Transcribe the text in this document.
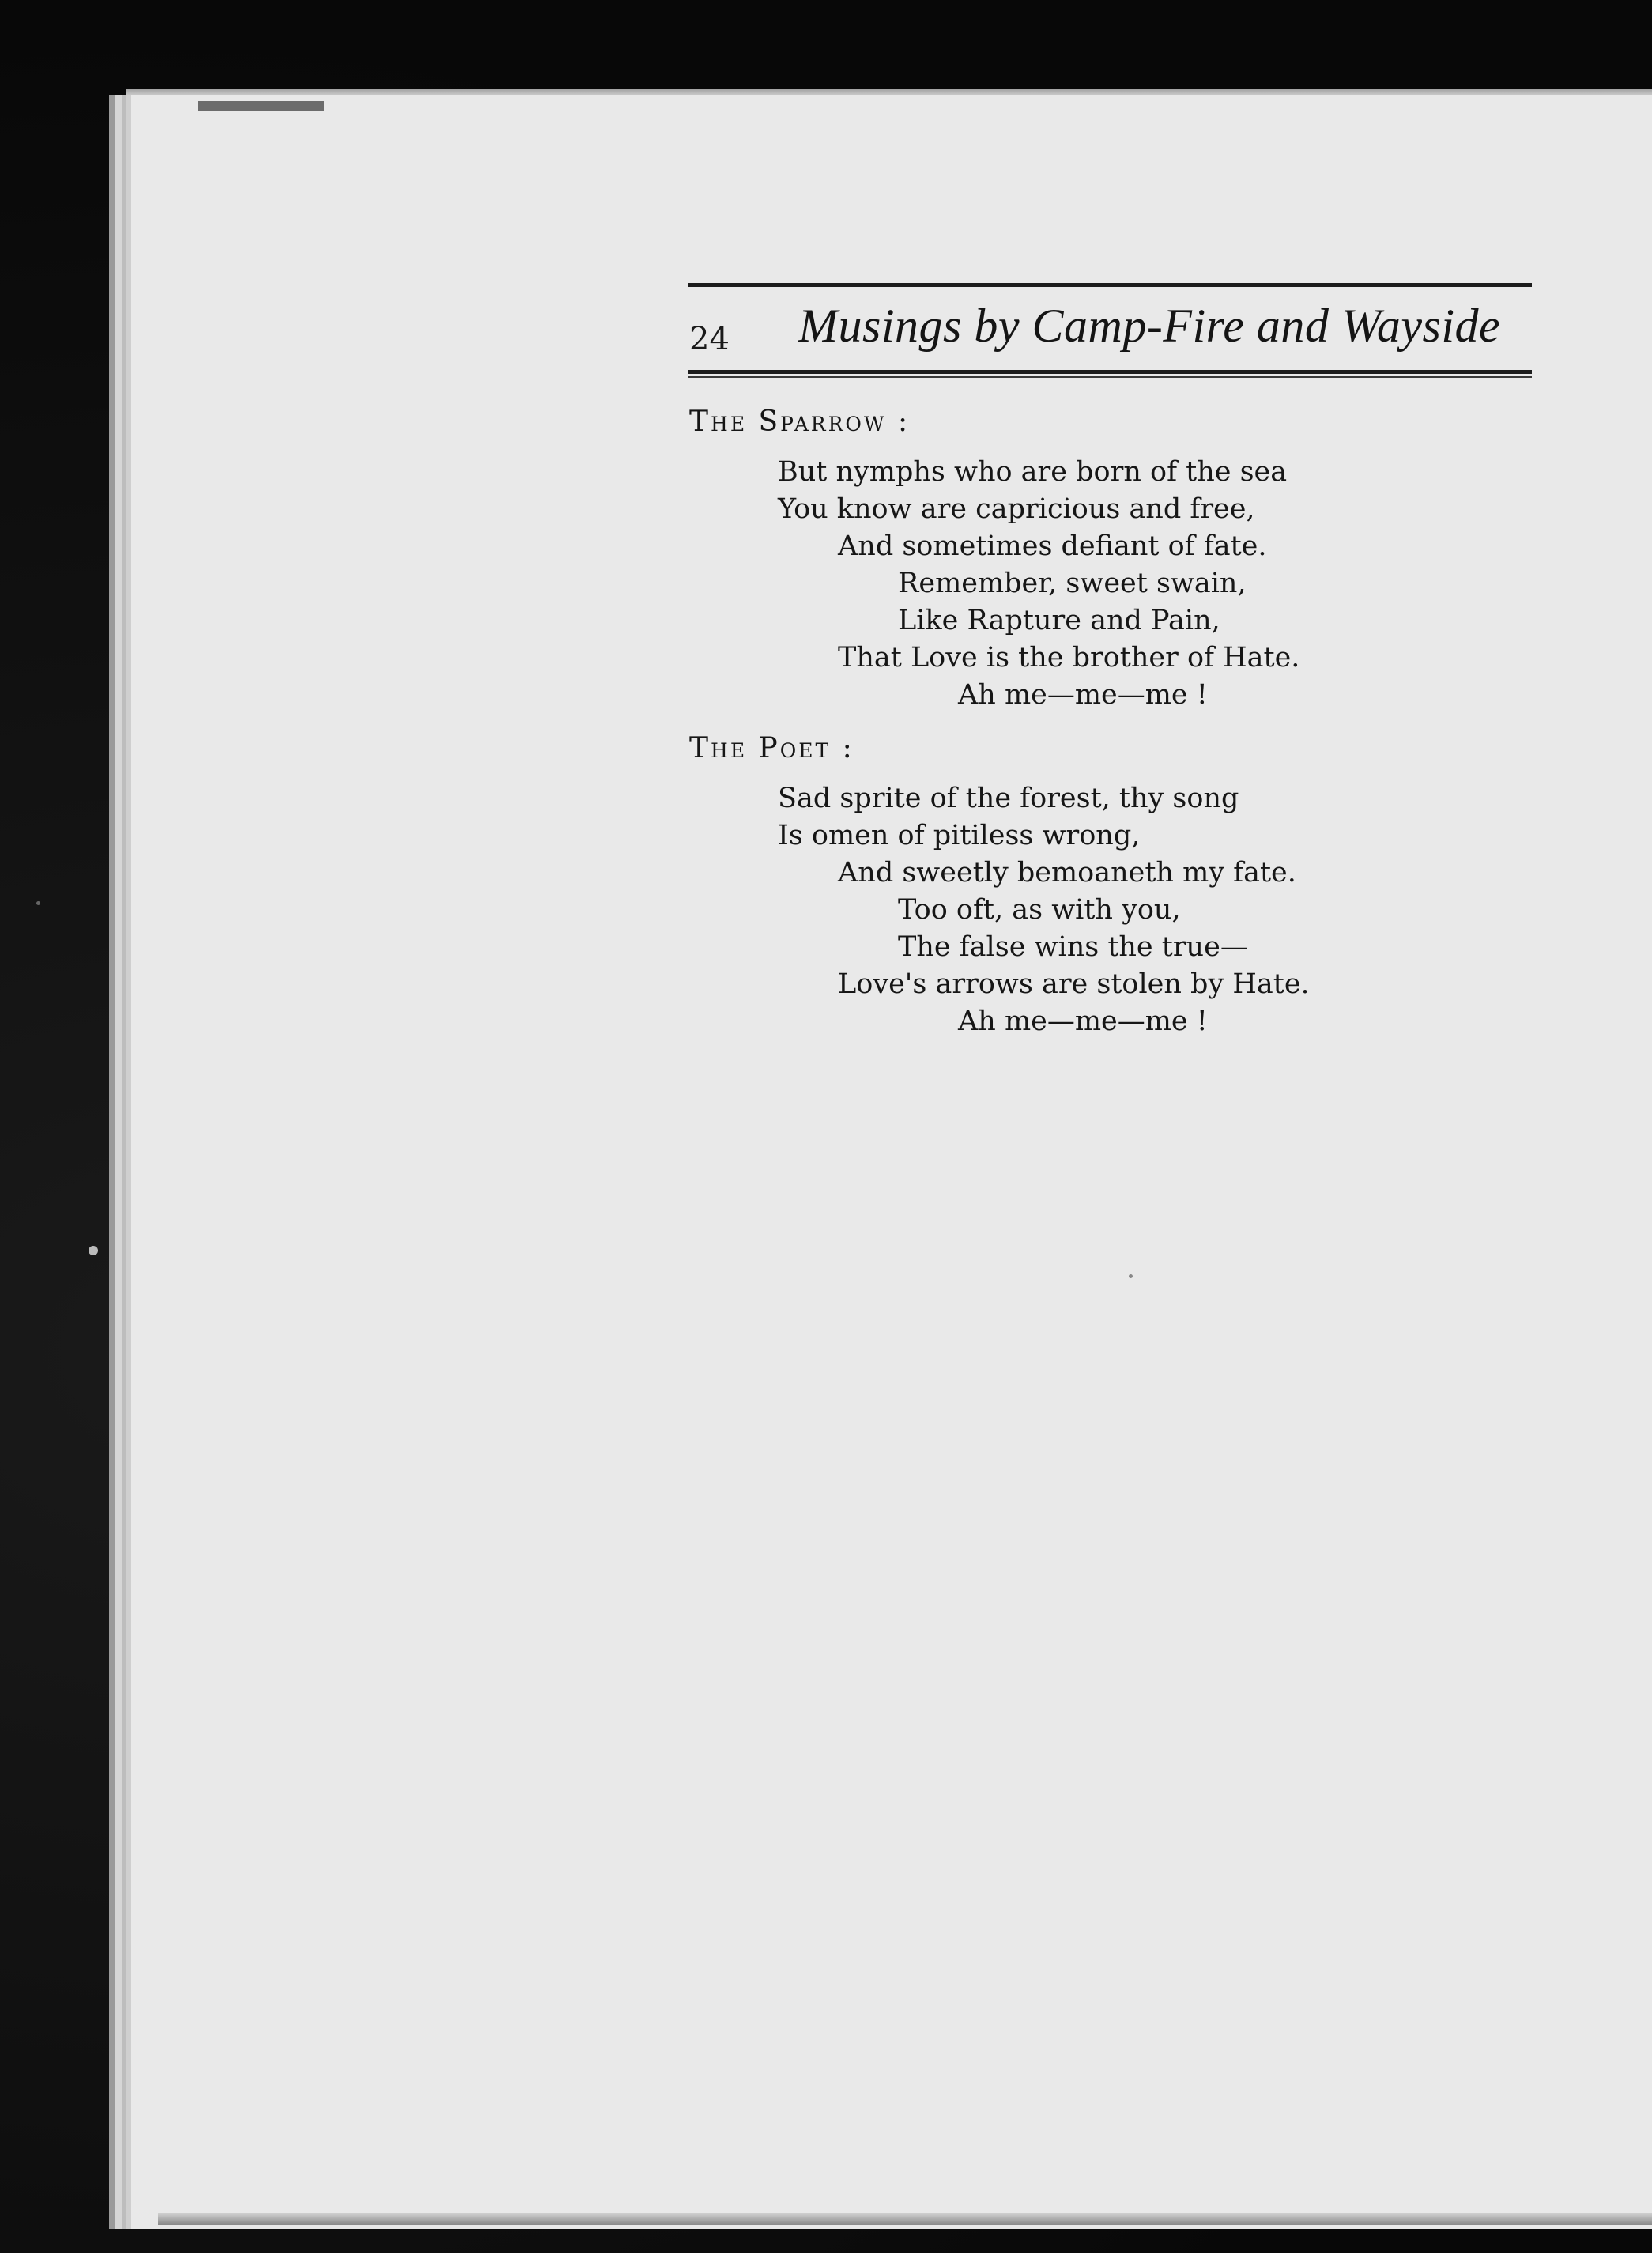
24 Musings by Camp-Fire and Wayside
The Sparrow :
But nymphs who are born of the sea
You know are capricious and free,
And sometimes defiant of fate.
Remember, sweet swain,
Like Rapture and Pain,
That Love is the brother of Hate.
Ah me—me—me !
The Poet :
Sad sprite of the forest, thy song
Is omen of pitiless wrong,
And sweetly bemoaneth my fate.
Too oft, as with you,
The false wins the true—
Love's arrows are stolen by Hate.
Ah me—me—me !
